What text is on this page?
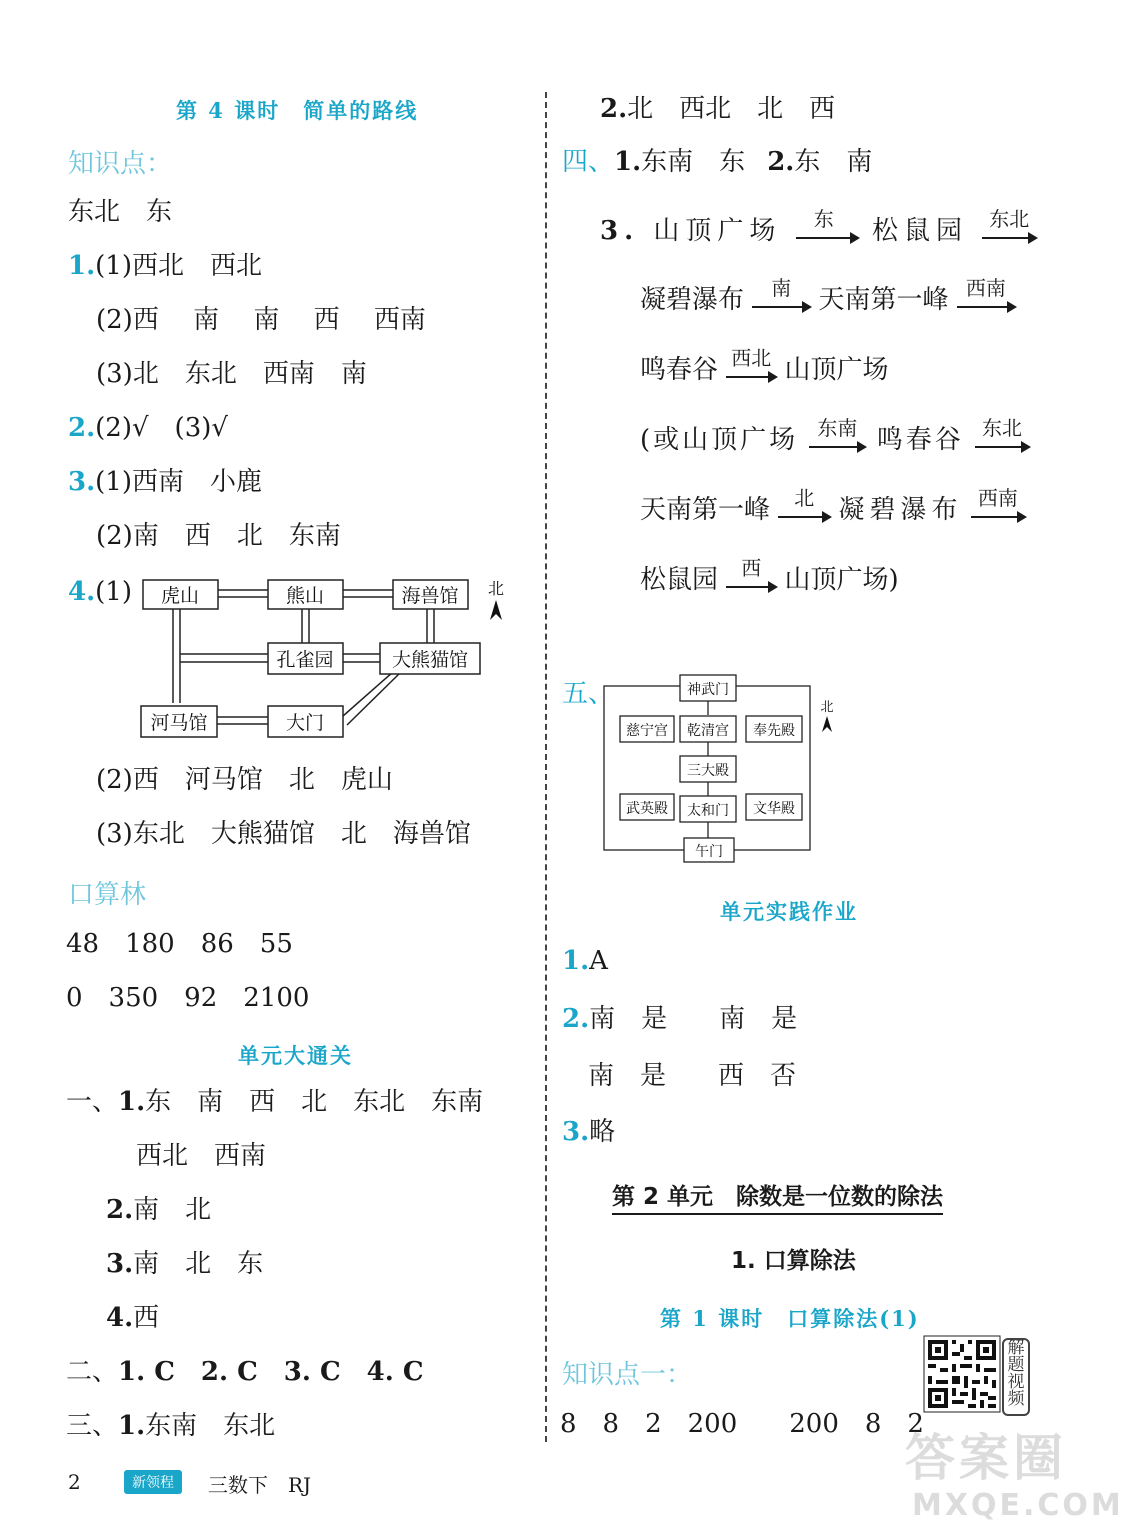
第 4 课时　简单的路线
知识点：
东北　东
1.(1)西北　西北
(2)西　 南　 南　 西　 西南
(3)北　东北　西南　南
2.(2)√　(3)√
3.(1)西南　小鹿
(2)南　西　北　东南
4.(1) 虎山	熊山	海兽馆
孔雀园	大熊猫馆
河马馆	大门
北
(2)西　河马馆　北　虎山
(3)东北　大熊猫馆　北　海兽馆
口算林
48　180　86　55
0　350　92　2100
单元大通关
一、1.东　南　西　北　东北　东南
西北　西南
2.南　北
3.南　北　东
4.西
二、1. C　2. C　3. C　4. C
三、1.东南　东北
2.北　西北　北　西
四、1.东南　东 2.东　南
3. 山顶广场	东	松鼠园	东北
凝碧瀑布	南	天南第一峰 西南
鸣春谷 西北 山顶广场
(或山顶广场 东南 鸣春谷 东北
天南第一峰	北 凝碧瀑布 西南
松鼠园	西 山顶广场)
五、	神武门
慈宁宫 乾清宫 奉先殿
三大殿
武英殿 太和门 文华殿
午门
北
单元实践作业
1.A
2.南　是　　南　是
南　是　　西　否
3.略
第 2 单元　除数是一位数的除法
1. 口算除法
第 1 课时　口算除法(1)
知识点一：
8　8　2　200　　200　8　2
解题视频
2	新领程	三数下　RJ	答案圈
MXQE.COM
